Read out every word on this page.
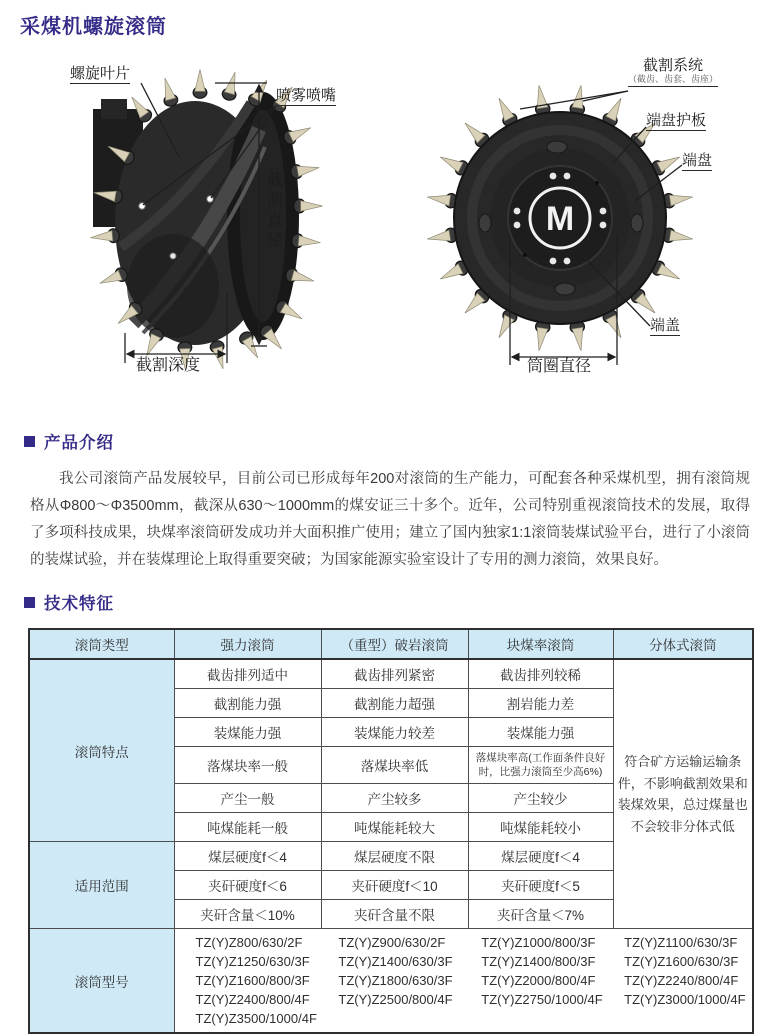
采煤机螺旋滚筒
M
螺旋叶片
喷雾喷嘴
截割直径
截割深度
截割系统
（截齿、齿套、齿座）
端盘护板
端盘
端盖
筒圈直径
产品介绍

我公司滚筒产品发展较早，目前公司已形成每年200对滚筒的生产能力，可配套各种采煤机型，拥有滚筒规格从Φ800～Φ3500mm，截深从630～1000mm的煤安证三十多个。近年，公司特别重视滚筒技术的发展，取得了多项科技成果，块煤率滚筒研发成功并大面积推广使用；建立了国内独家1:1滚筒装煤试验平台，进行了小滚筒的装煤试验，并在装煤理论上取得重要突破；为国家能源实验室设计了专用的测力滚筒，效果良好。

技术特征
滚筒类型	强力滚筒	（重型）破岩滚筒	块煤率滚筒	分体式滚筒
滚筒特点	截齿排列适中	截齿排列紧密	截齿排列较稀	符合矿方运输运输条件，不影响截割效果和装煤效果，总过煤量也不会较非分体式低
	截割能力强	截割能力超强	割岩能力差	
	装煤能力强	装煤能力较差	装煤能力强	
	落煤块率一般	落煤块率低	落煤块率高(工作面条件良好时，比强力滚筒至少高6%)	
	产尘一般	产尘较多	产尘较少	
	吨煤能耗一般	吨煤能耗较大	吨煤能耗较小	
适用范围	煤层硬度f＜4	煤层硬度不限	煤层硬度f＜4	
	夹矸硬度f＜6	夹矸硬度f＜10	夹矸硬度f＜5	
	夹矸含量＜10%	夹矸含量不限	夹矸含量＜7%	
滚筒型号	
TZ(Y)Z800/630/2F	TZ(Y)Z900/630/2F	TZ(Y)Z1000/800/3F	TZ(Y)Z1100/630/3F
TZ(Y)Z1250/630/3F	TZ(Y)Z1400/630/3F	TZ(Y)Z1400/800/3F	TZ(Y)Z1600/630/3F
TZ(Y)Z1600/800/3F	TZ(Y)Z1800/630/3F	TZ(Y)Z2000/800/4F	TZ(Y)Z2240/800/4F
TZ(Y)Z2400/800/4F	TZ(Y)Z2500/800/4F	TZ(Y)Z2750/1000/4F	TZ(Y)Z3000/1000/4F
TZ(Y)Z3500/1000/4F
